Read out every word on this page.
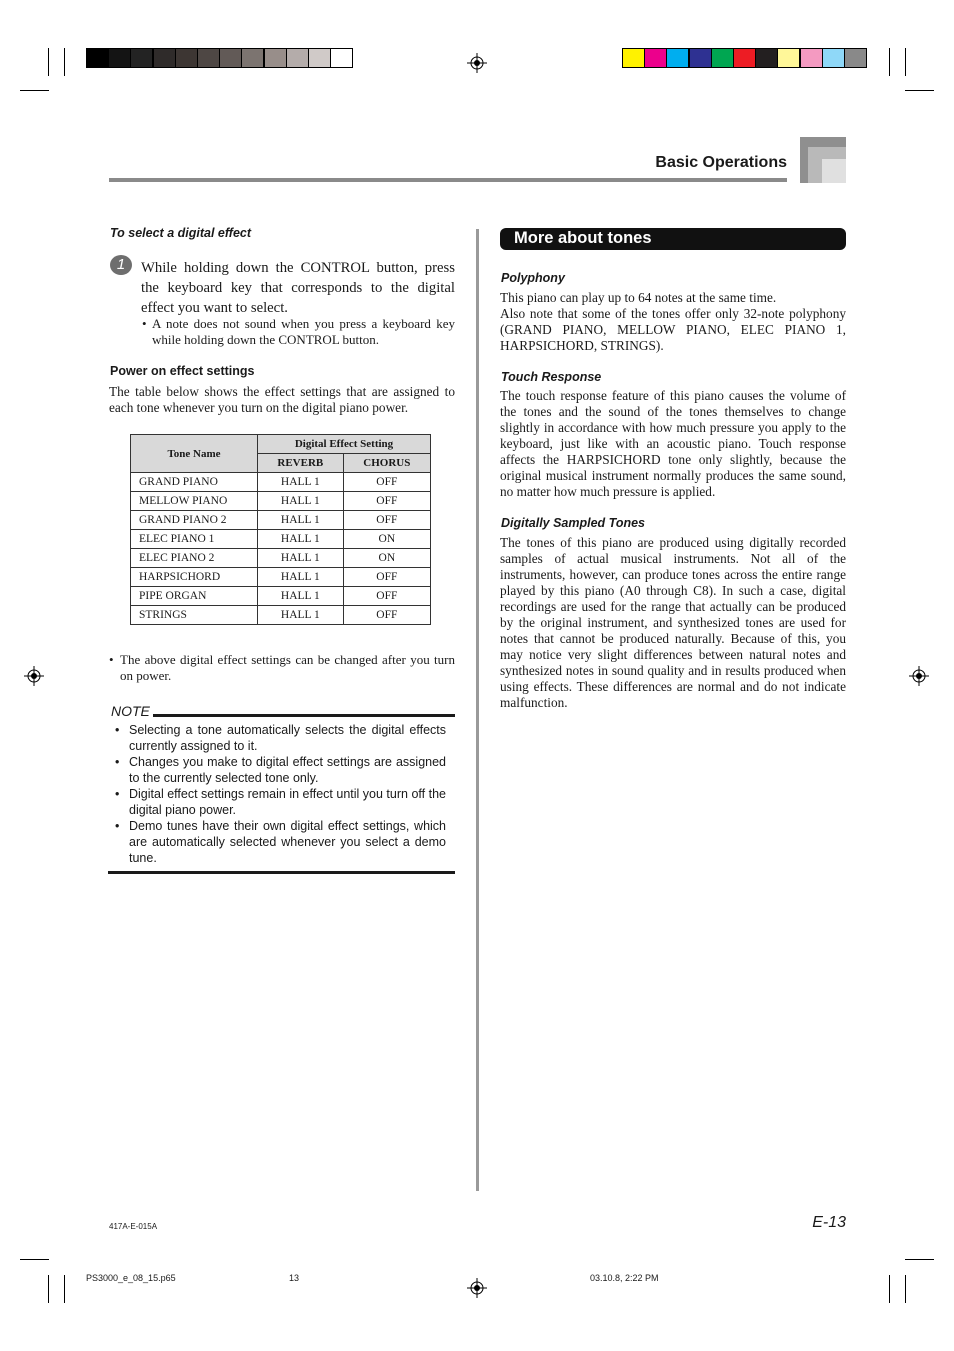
Basic Operations
To select a digital effect
1	While holding down the CONTROL button, press the keyboard key that corresponds to the digital effect you want to select.
• A note does not sound when you press a keyboard key while holding down the CONTROL button.
Power on effect settings
The table below shows the effect settings that are assigned to each tone whenever you turn on the digital piano power.
Tone Name	Digital Effect Setting	
	REVERB	CHORUS
GRAND PIANO	HALL 1	OFF
MELLOW PIANO	HALL 1	OFF
GRAND PIANO 2	HALL 1	OFF
ELEC PIANO 1	HALL 1	ON
ELEC PIANO 2	HALL 1	ON
HARPSICHORD	HALL 1	OFF
PIPE ORGAN	HALL 1	OFF
STRINGS	HALL 1	OFF
• The above digital effect settings can be changed after you turn on power.
NOTE
• Selecting a tone automatically selects the digital effects currently assigned to it.
• Changes you make to digital effect settings are assigned to the currently selected tone only.
• Digital effect settings remain in effect until you turn off the digital piano power.
• Demo tunes have their own digital effect settings, which are automatically selected whenever you select a demo tune.
More about tones
Polyphony
This piano can play up to 64 notes at the same time.
Also note that some of the tones offer only 32-note polyphony (GRAND PIANO, MELLOW PIANO, ELEC PIANO 1, HARPSICHORD, STRINGS).
Touch Response
The touch response feature of this piano causes the volume of the tones and the sound of the tones themselves to change slightly in accordance with how much pressure you apply to the keyboard, just like with an acoustic piano. Touch response affects the HARPSICHORD tone only slightly, because the original musical instrument normally produces the same sound, no matter how much pressure is applied.
Digitally Sampled Tones
The tones of this piano are produced using digitally recorded samples of actual musical instruments. Not all of the instruments, however, can produce tones across the entire range played by this piano (A0 through C8). In such a case, digital recordings are used for the range that actually can be produced by the original instrument, and synthesized tones are used for notes that cannot be produced naturally. Because of this, you may notice very slight differences between natural notes and synthesized notes in sound quality and in results produced when using effects. These differences are normal and do not indicate malfunction.
417A-E-015A	E-13
PS3000_e_08_15.p65	13	03.10.8, 2:22 PM
